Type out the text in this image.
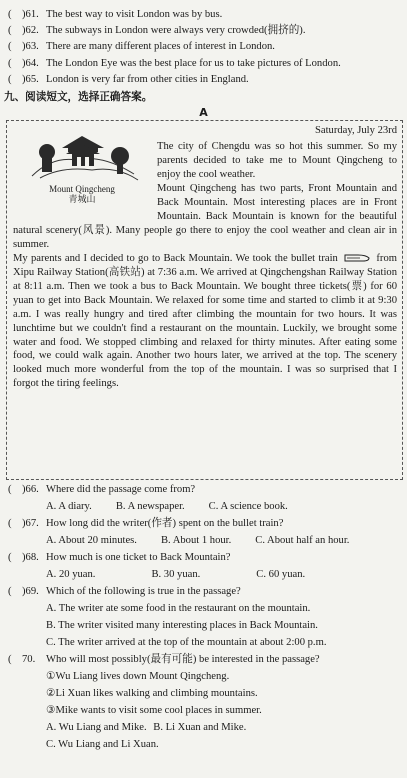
( )61. The best way to visit London was by bus.
( )62. The subways in London were always very crowded(拥挤的).
( )63. There are many different places of interest in London.
( )64. The London Eye was the best place for us to take pictures of London.
( )65. London is very far from other cities in England.
九、阅读短文，选择正确答案。
A
Mount Qingcheng
青城山
Saturday, July 23rd

The city of Chengdu was so hot this summer. So my parents decided to take me to Mount Qingcheng to enjoy the cool weather.

Mount Qingcheng has two parts, Front Mountain and Back Mountain. Most interesting places are in Front Mountain. Back Mountain is known for the beautiful natural scenery(风景). Many people go there to enjoy the cool weather and clean air in summer.

My parents and I decided to go to Back Mountain. We took the bullet train	from Xipu Railway Station(高铁站) at 7:36 a.m. We arrived at Qingchengshan Railway Station at 8:11 a.m. Then we took a bus to Back Mountain. We bought three tickets(票) for 60 yuan to get into Back Mountain. We relaxed for some time and started to climb it at 9:30 a.m. I was really hungry and tired after climbing the mountain for two hours. It was lunchtime but we couldn't find a restaurant on the mountain. Luckily, we brought some water and food. We stopped climbing and relaxed for thirty minutes. After eating some food, we could walk again. Another two hours later, we arrived at the top. The scenery looked much more wonderful from the top of the mountain. I was so surprised that I forgot the tiring feelings.

( )66. Where did the passage come from?
A. A diary. B. A newspaper. C. A science book.
( )67. How long did the writer(作者) spent on the bullet train?
A. About 20 minutes. B. About 1 hour. C. About half an hour.
( )68. How much is one ticket to Back Mountain?
A. 20 yuan.	B. 30 yuan.	C. 60 yuan.
( )69. Which of the following is true in the passage?
A. The writer ate some food in the restaurant on the mountain.
B. The writer visited many interesting places in Back Mountain.
C. The writer arrived at the top of the mountain at about 2:00 p.m.
( 70.	Who will most possibly(最有可能) be interested in the passage?
①Wu Liang lives down Mount Qingcheng.
②Li Xuan likes walking and climbing mountains.
③Mike wants to visit some cool places in summer.
A. Wu Liang and Mike. B. Li Xuan and Mike.
C. Wu Liang and Li Xuan.
